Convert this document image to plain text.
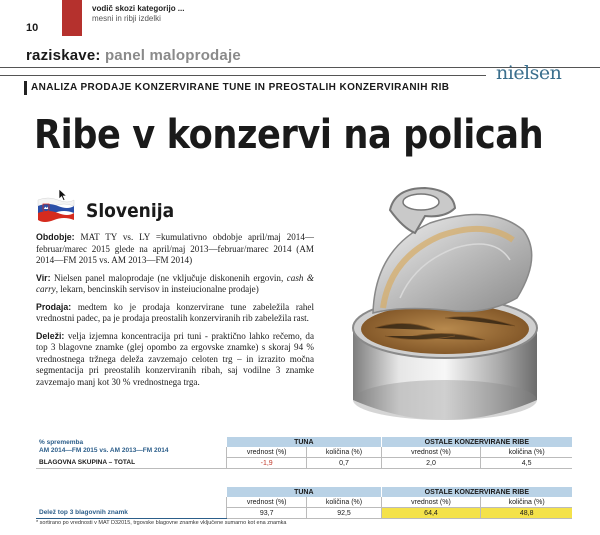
10
vodič skozi kategorijo ...
mesni in ribji izdelki
raziskave: panel maloprodaje
nielsen
ANALIZA PRODAJE KONZERVIRANE TUNE IN PREOSTALIH KONZERVIRANIH RIB
Ribe v konzervi na policah
Slovenija

Obdobje: MAT TY vs. LY =kumulativno obdobje april/maj 2014—februar/marec 2015 glede na april/maj 2013—februar/marec 2014 (AM 2014—FM 2015 vs. AM 2013—FM 2014)

Vir: Nielsen panel maloprodaje (ne vključuje diskonenih ergovin, cash & carry, lekarn, bencinskih servisov in insteiucionalne prodaje)

Prodaja: medtem ko je prodaja konzervirane tune zabeležila rahel vrednostni padec, pa je prodaja preostalih konzerviranih rib zabeležila rast.

Deleži: velja izjemna koncentracija pri tuni - praktično lahko rečemo, da top 3 blagovne znamke (glej opombo za ergovske znamke) s skoraj 94 % vrednostnega tržnega deleža zavzemajo celoten trg – in izrazito močna segmentacija pri preostalih konzerviranih ribah, saj vodilne 3 znamke zavzemajo manj kot 30 % vrednostnega trga.

% sprememba
AM 2014—FM 2015 vs. AM 2013—FM 2014	TUNA		OSTALE KONZERVIRANE RIBE	
	vrednost (%)	količina (%)	vrednost (%)	količina (%)
BLAGOVNA SKUPINA – TOTAL	-1,9	0,7	2,0	4,5
	TUNA		OSTALE KONZERVIRANE RIBE	
	vrednost (%)	količina (%)	vrednost (%)	količina (%)
Delež top 3 blagovnih znamk	93,7	92,5	64,4	48,8
* sortirano po vrednosti v MAT D32015, trgovske blagovne znamke vključene sumarno kot ena znamka
